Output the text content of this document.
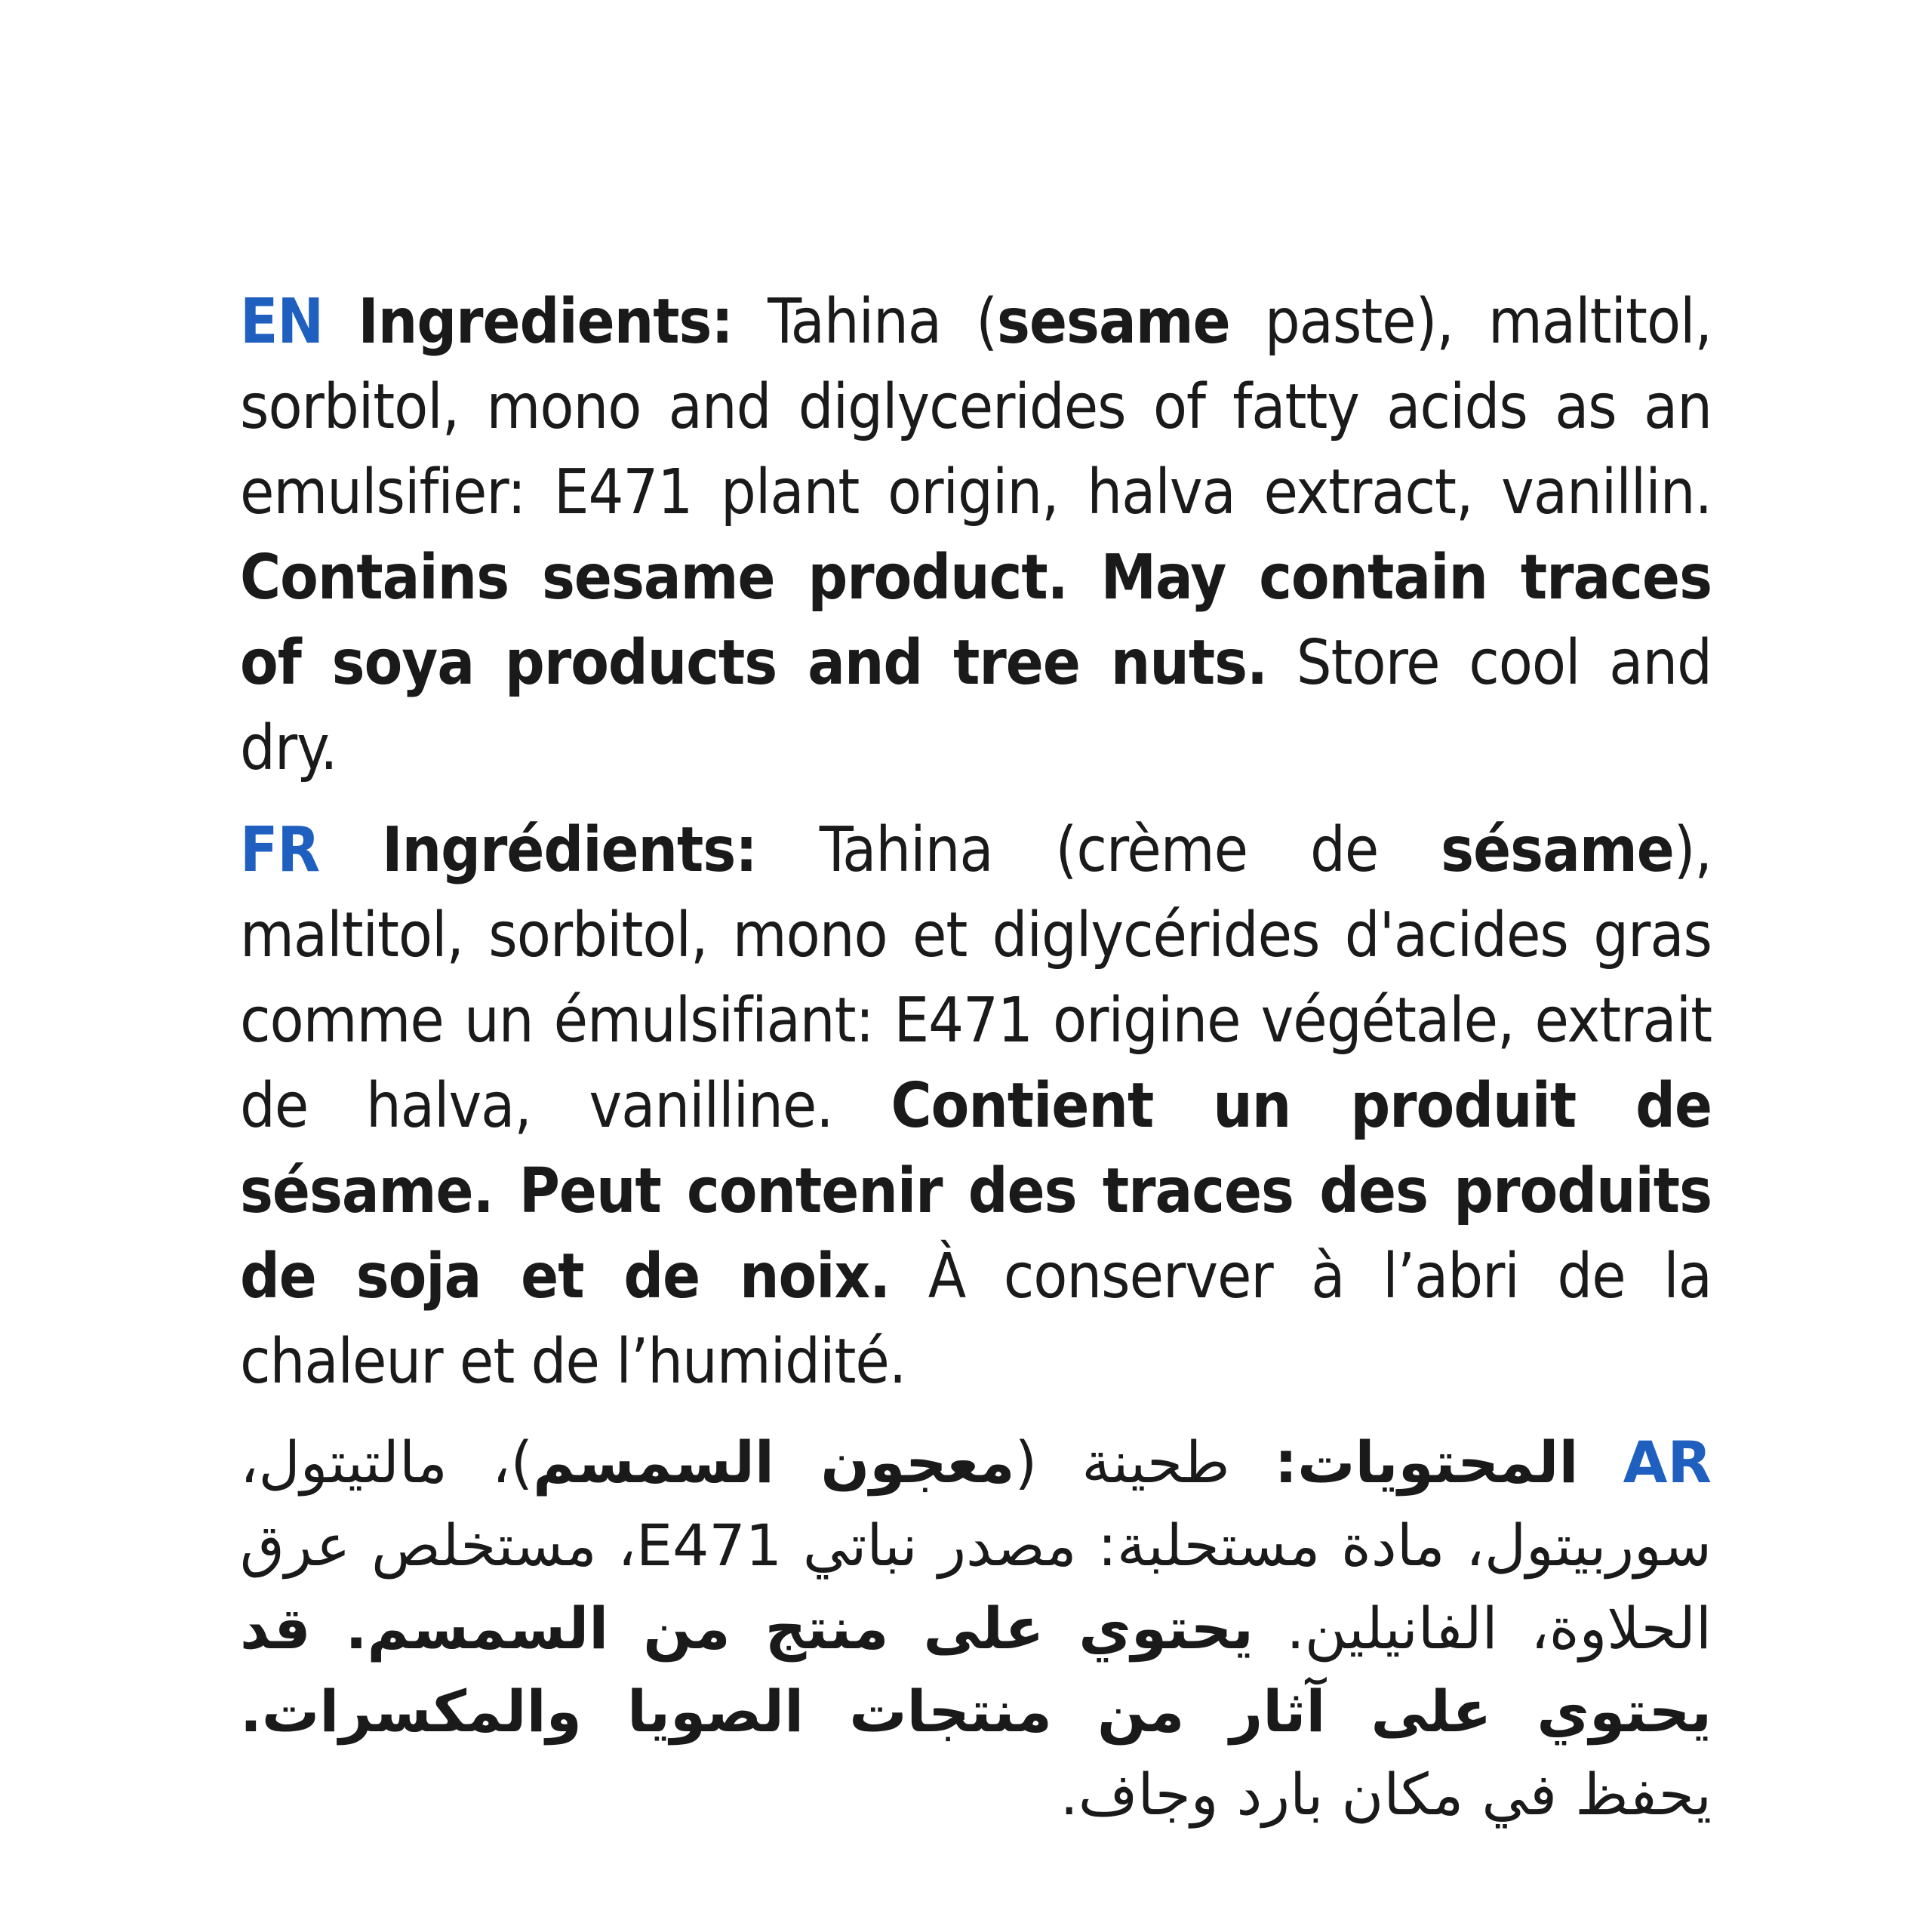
EN Ingredients: Tahina (sesame paste), maltitol, sorbitol, mono and diglycerides of fatty acids as an emulsifier: E471 plant origin, halva extract, vanillin. Contains sesame product. May contain traces of soya products and tree nuts. Store cool and dry.

FR Ingrédients: Tahina (crème de sésame), maltitol, sorbitol, mono et diglycérides d'acides gras comme un émulsifiant: E471 origine végétale, extrait de halva, vanilline. Contient un produit de sésame. Peut contenir des traces des produits de soja et de noix. À conserver à l’abri de la chaleur et de l’humidité.

AR المحتويات: طحينة (معجون السمسم)، مالتيتول، سوربيتول، مادة مستحلبة: مصدر نباتي E471، مستخلص عرق الحلاوة، الفانيلين. يحتوي على منتج من السمسم. قد يحتوي على آثار من منتجات الصويا والمكسرات. يحفظ في مكان بارد وجاف.
